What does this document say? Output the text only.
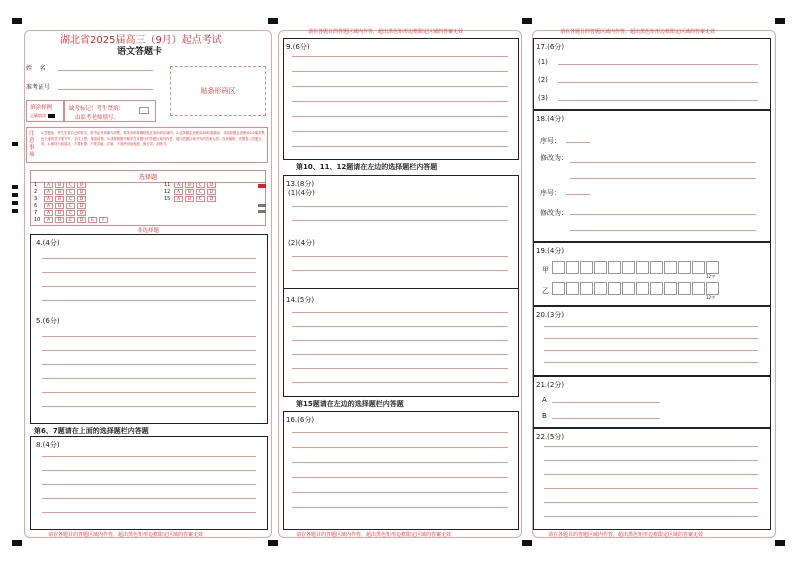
湖北省2025届高三（9月）起点考试
语文答题卡
姓    名
准考证号	贴条形码区
填涂样例
正确填涂
缺考标记！考生禁填！
由监考老师填写。
注意事项
1.答题前，考生先将自己的姓名、准考证号码填写清楚，将条形码准确粘贴在条形码区域内。2.选择题必须使用2B铅笔填涂；非选择题必须使用0.5毫米黑色字迹的签字笔书写，字体工整、笔迹清楚。3.请按照题号顺序在各题目的答题区域内作答，超出答题区域书写的答案无效；在草稿纸、试题卷上答题无效。4.保持卡面清洁，不要折叠、不要弄破、弄皱，不准使用涂改液、修正带、刮纸刀。
选择题
1 A B C D
2 A B C D
3 A B C D
6 A B C D
7 A B C D
10 A B C D E F
11 A B C D
12 A B C D
15 A B C D
非选择题
4.(4分)
5.(6分)
第6、7题请在上面的选择题栏内答题
8.(4分)
请在各题目的答题区域内作答，超出黑色矩形边框限定区域的答案无效
请在各题目的答题区域内作答，超出黑色矩形边框限定区域的答案无效
9.(6分)
第10、11、12题请在左边的选择题栏内答题
13.(8分)
(1)(4分)
(2)(4分)
14.(5分)
第15题请在左边的选择题栏内答题
16.(6分)
请在各题目的答题区域内作答，超出黑色矩形边框限定区域的答案无效
请在各题目的答题区域内作答，超出黑色矩形边框限定区域的答案无效
17.(6分)
(1)
(2)
(3)
18.(4分)
序号：
修改为：
序号：
修改为：
19.(4分)
甲
乙
12字
12字
20.(3分)
21.(2分)
A
B
22.(5分)
请在各题目的答题区域内作答，超出黑色矩形边框限定区域的答案无效
